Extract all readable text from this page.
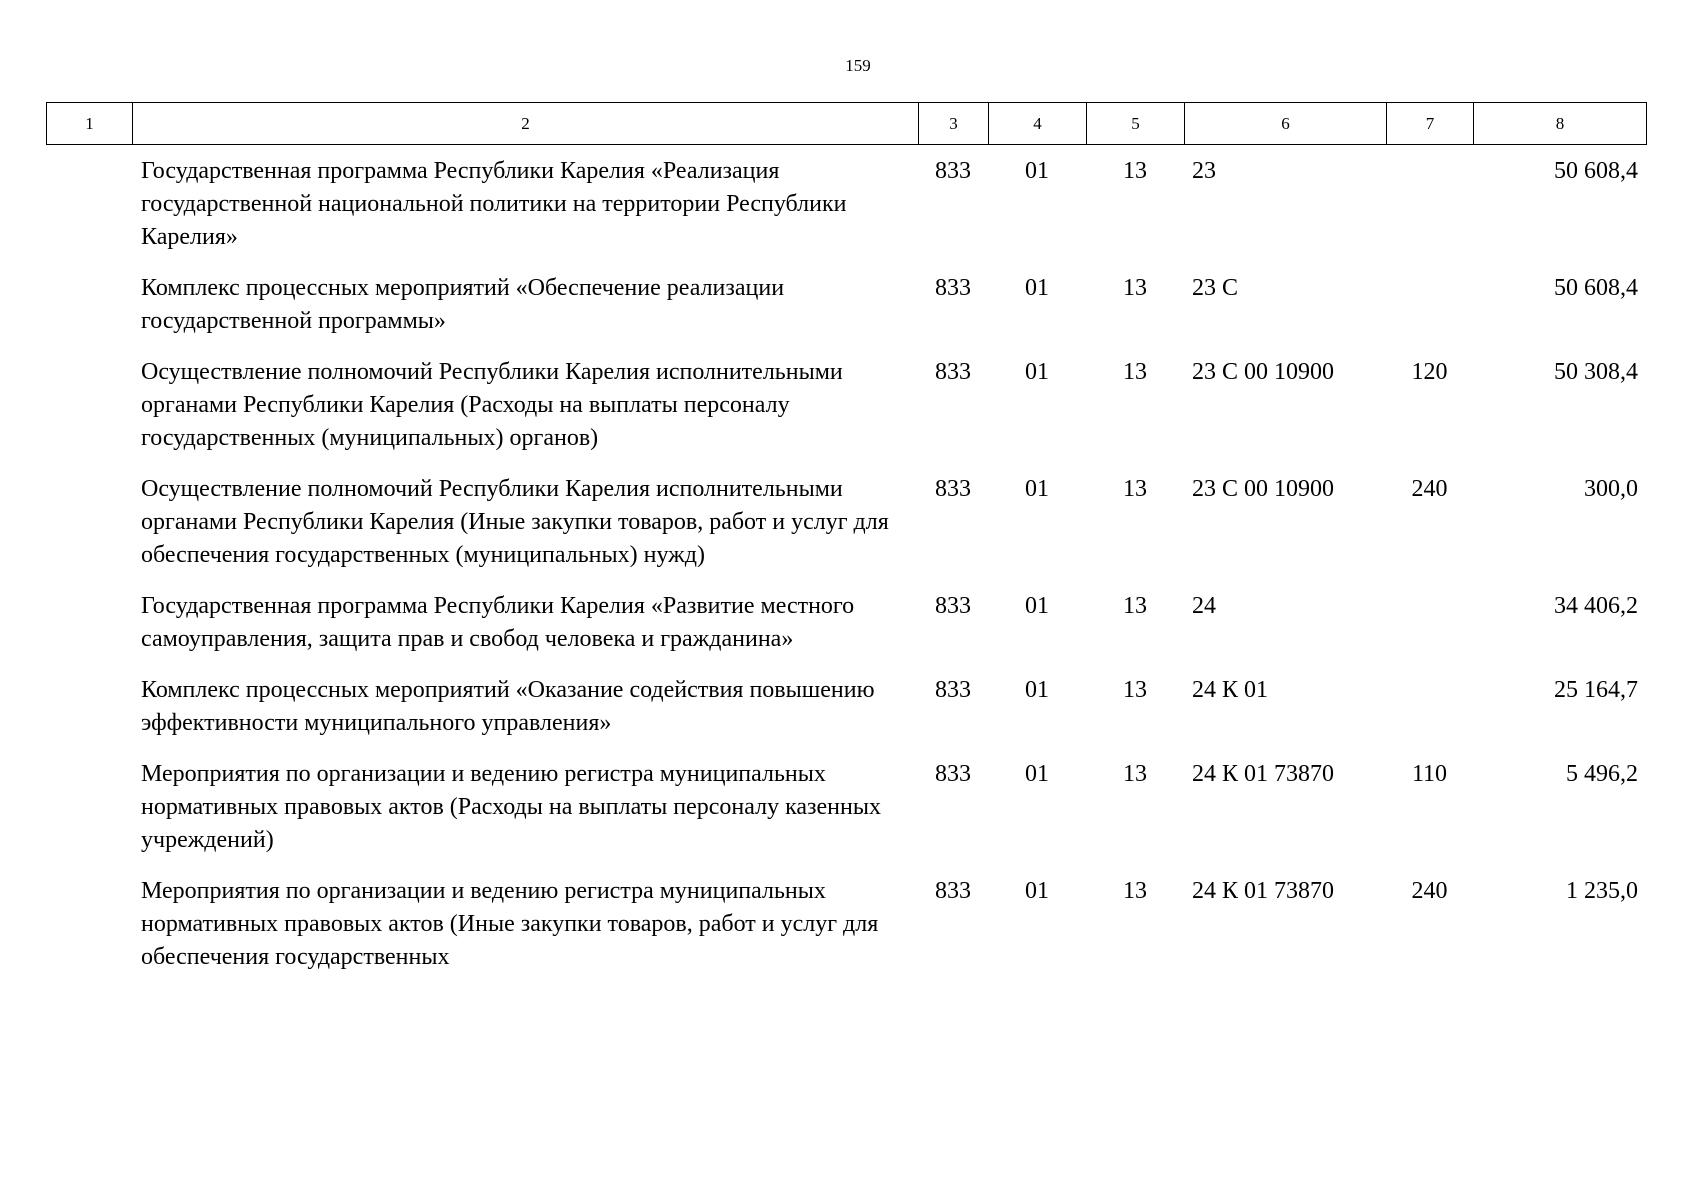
159
1	2	3	4	5	6	7	8
Государственная программа Республики Карелия «Реализация государственной национальной политики на территории Республики Карелия»	833	01	13	23		50 608,4
Комплекс процессных мероприятий «Обеспечение реализации государственной программы»	833	01	13	23 С		50 608,4
Осуществление полномочий Республики Карелия исполнительными органами Республики Карелия (Расходы на выплаты персоналу государственных (муниципальных) органов)	833	01	13	23 С 00 10900	120	50 308,4
Осуществление полномочий Республики Карелия исполнительными органами Республики Карелия (Иные закупки товаров, работ и услуг для обеспечения государственных (муниципальных) нужд)	833	01	13	23 С 00 10900	240	300,0
Государственная программа Республики Карелия «Развитие местного самоуправления, защита прав и свобод человека и гражданина»	833	01	13	24		34 406,2
Комплекс процессных мероприятий «Оказание содействия повышению эффективности муниципального управления»	833	01	13	24 К 01		25 164,7
Мероприятия по организации и ведению регистра муниципальных нормативных правовых актов (Расходы на выплаты персоналу казенных учреждений)	833	01	13	24 К 01 73870	110	5 496,2
Мероприятия по организации и ведению регистра муниципальных нормативных правовых актов (Иные закупки товаров, работ и услуг для обеспечения государственных	833	01	13	24 К 01 73870	240	1 235,0
